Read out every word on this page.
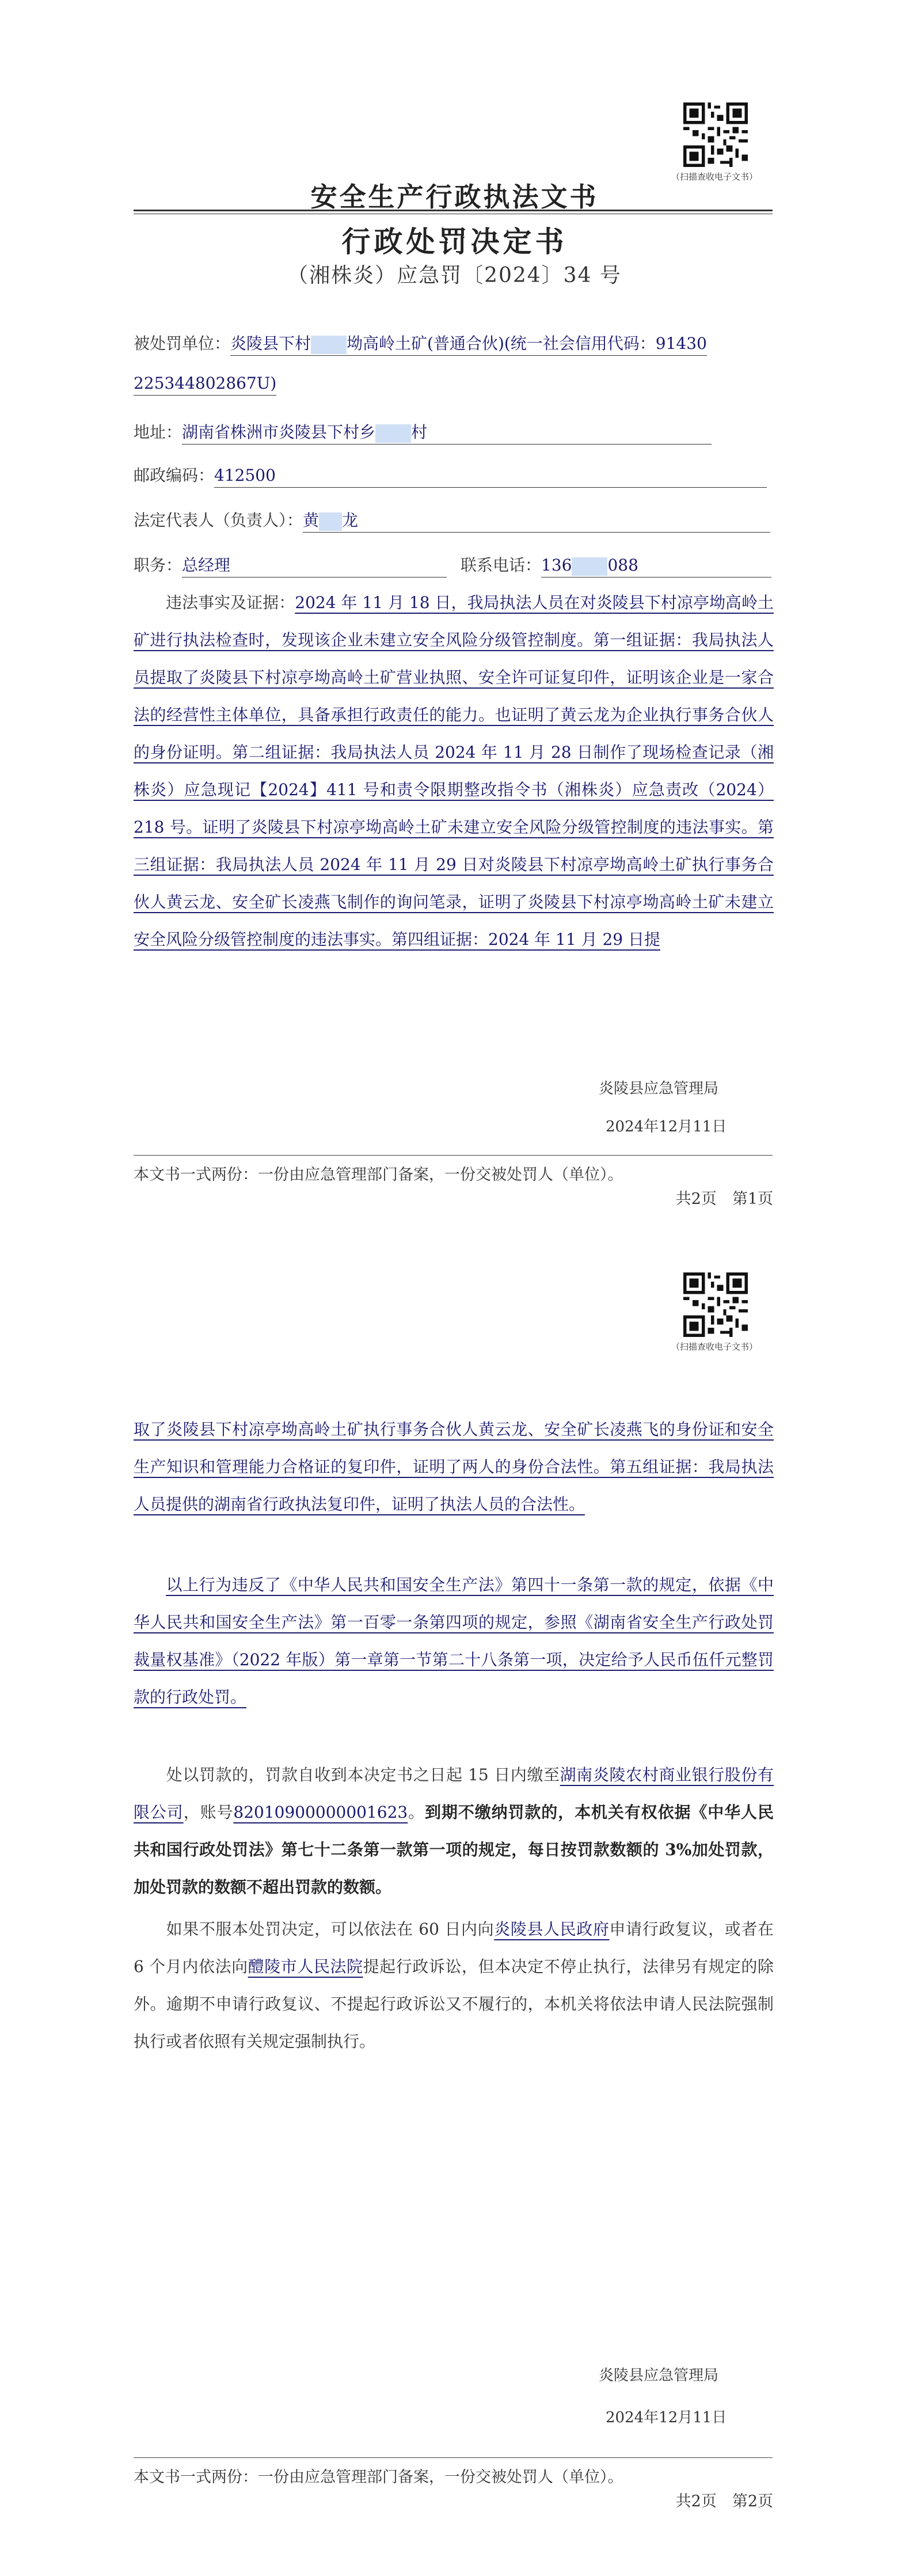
（扫描查收电子文书）
安全生产行政执法文书
行政处罚决定书
（湘株炎）应急罚〔2024〕34 号
被处罚单位：炎陵县下村 坳高岭土矿(普通合伙)(统一社会信用代码：91430
225344802867U)
地址：湖南省株洲市炎陵县下村乡 村
邮政编码：412500
法定代表人（负责人）：黄 龙
职务：总经理	联系电话：136 088
违法事实及证据：2024 年 11 月 18 日，我局执法人员在对炎陵县下村凉亭坳高岭土矿进行执法检查时，发现该企业未建立安全风险分级管控制度。第一组证据：我局执法人员提取了炎陵县下村凉亭坳高岭土矿营业执照、安全许可证复印件，证明该企业是一家合法的经营性主体单位，具备承担行政责任的能力。也证明了黄云龙为企业执行事务合伙人的身份证明。第二组证据：我局执法人员 2024 年 11 月 28 日制作了现场检查记录（湘株炎）应急现记【2024】411 号和责令限期整改指令书（湘株炎）应急责改（2024）218 号。证明了炎陵县下村凉亭坳高岭土矿未建立安全风险分级管控制度的违法事实。第三组证据：我局执法人员 2024 年 11 月 29 日对炎陵县下村凉亭坳高岭土矿执行事务合伙人黄云龙、安全矿长凌燕飞制作的询问笔录，证明了炎陵县下村凉亭坳高岭土矿未建立安全风险分级管控制度的违法事实。第四组证据：2024 年 11 月 29 日提
炎陵县应急管理局
2024年12月11日
本文书一式两份：一份由应急管理部门备案，一份交被处罚人（单位）。
共2页　第1页
（扫描查收电子文书）
取了炎陵县下村凉亭坳高岭土矿执行事务合伙人黄云龙、安全矿长凌燕飞的身份证和安全生产知识和管理能力合格证的复印件，证明了两人的身份合法性。第五组证据：我局执法人员提供的湖南省行政执法复印件，证明了执法人员的合法性。
以上行为违反了《中华人民共和国安全生产法》第四十一条第一款的规定，依据《中华人民共和国安全生产法》第一百零一条第四项的规定，参照《湖南省安全生产行政处罚裁量权基准》（2022 年版）第一章第一节第二十八条第一项，决定给予人民币伍仟元整罚款的行政处罚。
处以罚款的，罚款自收到本决定书之日起 15 日内缴至湖南炎陵农村商业银行股份有限公司，账号82010900000001623。到期不缴纳罚款的，本机关有权依据《中华人民共和国行政处罚法》第七十二条第一款第一项的规定，每日按罚款数额的 3%加处罚款，加处罚款的数额不超出罚款的数额。
如果不服本处罚决定，可以依法在 60 日内向炎陵县人民政府申请行政复议，或者在 6 个月内依法向醴陵市人民法院提起行政诉讼，但本决定不停止执行，法律另有规定的除外。逾期不申请行政复议、不提起行政诉讼又不履行的，本机关将依法申请人民法院强制执行或者依照有关规定强制执行。
炎陵县应急管理局
2024年12月11日
本文书一式两份：一份由应急管理部门备案，一份交被处罚人（单位）。
共2页　第2页
